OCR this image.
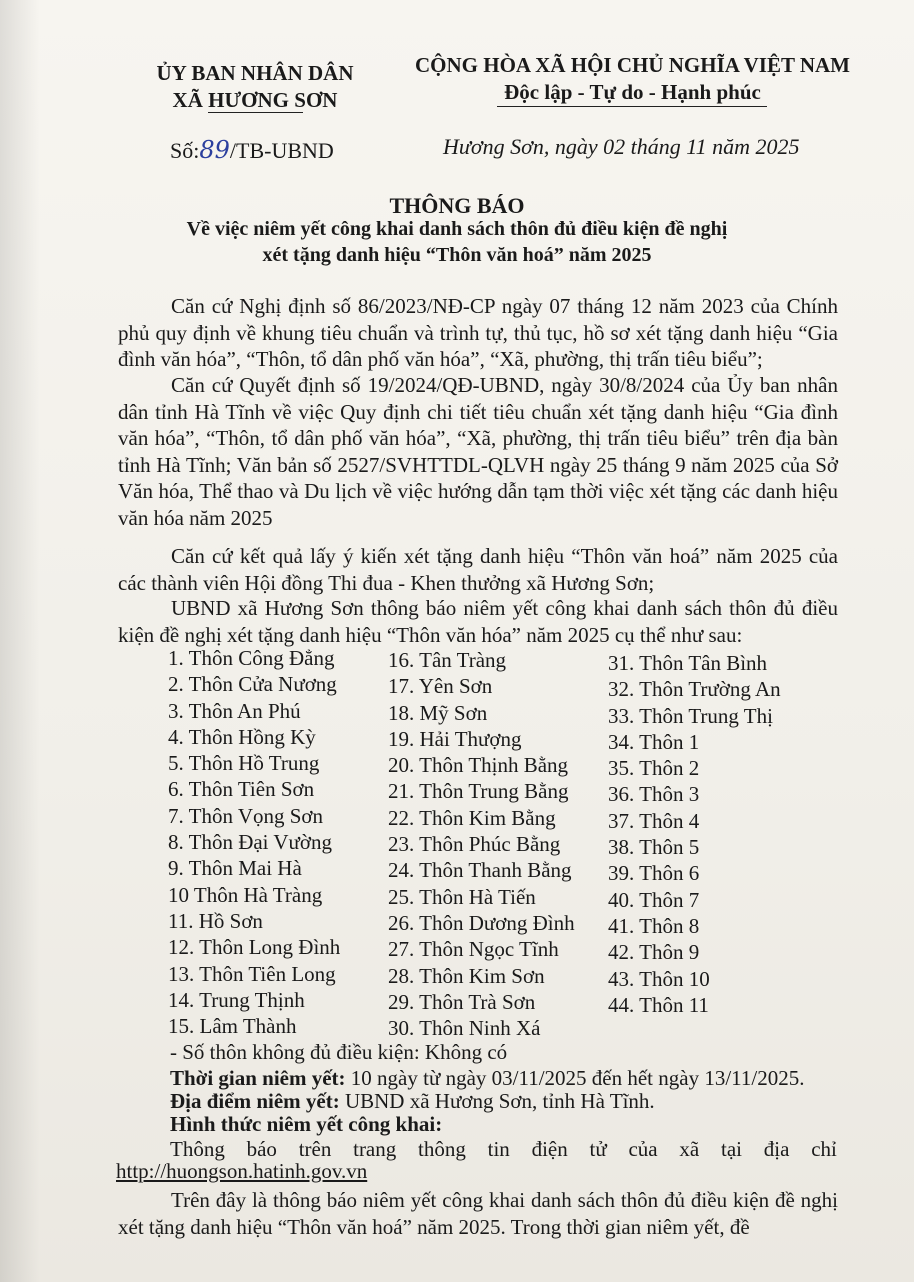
ỦY BAN NHÂN DÂN
XÃ HƯƠNG SƠN
CỘNG HÒA XÃ HỘI CHỦ NGHĨA VIỆT NAM
Độc lập - Tự do - Hạnh phúc
Số:89/TB-UBND	Hương Sơn, ngày 02 tháng 11 năm 2025
THÔNG BÁO
Về việc niêm yết công khai danh sách thôn đủ điều kiện đề nghị
xét tặng danh hiệu “Thôn văn hoá” năm 2025
Căn cứ Nghị định số 86/2023/NĐ-CP ngày 07 tháng 12 năm 2023 của Chính phủ quy định về khung tiêu chuẩn và trình tự, thủ tục, hồ sơ xét tặng danh hiệu “Gia đình văn hóa”, “Thôn, tổ dân phố văn hóa”, “Xã, phường, thị trấn tiêu biểu”;
Căn cứ Quyết định số 19/2024/QĐ-UBND, ngày 30/8/2024 của Ủy ban nhân dân tỉnh Hà Tĩnh về việc Quy định chi tiết tiêu chuẩn xét tặng danh hiệu “Gia đình văn hóa”, “Thôn, tổ dân phố văn hóa”, “Xã, phường, thị trấn tiêu biểu” trên địa bàn tỉnh Hà Tĩnh; Văn bản số 2527/SVHTTDL-QLVH ngày 25 tháng 9 năm 2025 của Sở Văn hóa, Thể thao và Du lịch về việc hướng dẫn tạm thời việc xét tặng các danh hiệu văn hóa năm 2025
Căn cứ kết quả lấy ý kiến xét tặng danh hiệu “Thôn văn hoá” năm 2025 của các thành viên Hội đồng Thi đua - Khen thưởng xã Hương Sơn;
UBND xã Hương Sơn thông báo niêm yết công khai danh sách thôn đủ điều kiện đề nghị xét tặng danh hiệu “Thôn văn hóa” năm 2025 cụ thể như sau:
1. Thôn Công Đẳng
2. Thôn Cửa Nương
3. Thôn An Phú
4. Thôn Hồng Kỳ
5. Thôn Hồ Trung
6. Thôn Tiên Sơn
7. Thôn Vọng Sơn
8. Thôn Đại Vường
9. Thôn Mai Hà
10 Thôn Hà Tràng
11. Hồ Sơn
12. Thôn Long Đình
13. Thôn Tiên Long
14. Trung Thịnh
15. Lâm Thành
16. Tân Tràng
17. Yên Sơn
18. Mỹ Sơn
19. Hải Thượng
20. Thôn Thịnh Bằng
21. Thôn Trung Bằng
22. Thôn Kim Bằng
23. Thôn Phúc Bằng
24. Thôn Thanh Bằng
25. Thôn Hà Tiến
26. Thôn Dương Đình
27. Thôn Ngọc Tĩnh
28. Thôn Kim Sơn
29. Thôn Trà Sơn
30. Thôn Ninh Xá
31. Thôn Tân Bình
32. Thôn Trường An
33. Thôn Trung Thị
34. Thôn 1
35. Thôn 2
36. Thôn 3
37. Thôn 4
38. Thôn 5
39. Thôn 6
40. Thôn 7
41. Thôn 8
42. Thôn 9
43. Thôn 10
44. Thôn 11
- Số thôn không đủ điều kiện: Không có
Thời gian niêm yết: 10 ngày từ ngày 03/11/2025 đến hết ngày 13/11/2025.
Địa điểm niêm yết: UBND xã Hương Sơn, tỉnh Hà Tĩnh.
Hình thức niêm yết công khai:
Thông báo trên trang thông tin điện tử của xã tại địa chỉ
http://huongson.hatinh.gov.vn
Trên đây là thông báo niêm yết công khai danh sách thôn đủ điều kiện đề nghị xét tặng danh hiệu “Thôn văn hoá” năm 2025. Trong thời gian niêm yết, đề
